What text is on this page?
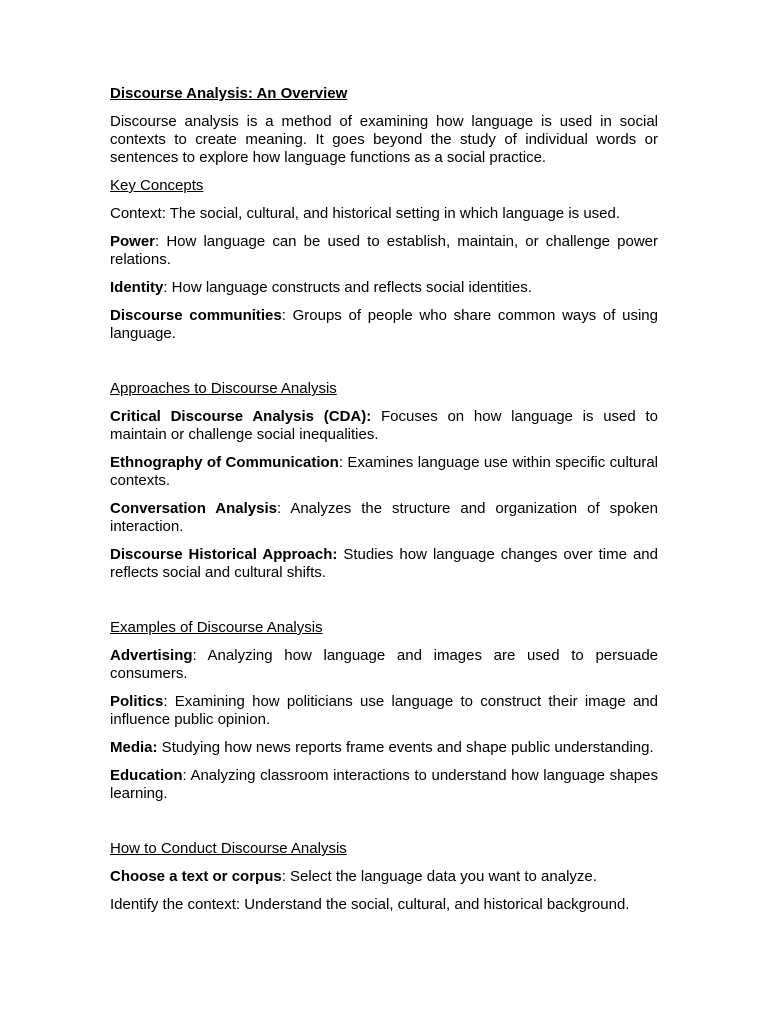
Discourse Analysis: An Overview
Discourse analysis is a method of examining how language is used in social contexts to create meaning. It goes beyond the study of individual words or sentences to explore how language functions as a social practice.
Key Concepts
Context: The social, cultural, and historical setting in which language is used.
Power: How language can be used to establish, maintain, or challenge power relations.
Identity: How language constructs and reflects social identities.
Discourse communities: Groups of people who share common ways of using language.
Approaches to Discourse Analysis
Critical Discourse Analysis (CDA): Focuses on how language is used to maintain or challenge social inequalities.
Ethnography of Communication: Examines language use within specific cultural contexts.
Conversation Analysis: Analyzes the structure and organization of spoken interaction.
Discourse Historical Approach: Studies how language changes over time and reflects social and cultural shifts.
Examples of Discourse Analysis
Advertising: Analyzing how language and images are used to persuade consumers.
Politics: Examining how politicians use language to construct their image and influence public opinion.
Media: Studying how news reports frame events and shape public understanding.
Education: Analyzing classroom interactions to understand how language shapes learning.
How to Conduct Discourse Analysis
Choose a text or corpus: Select the language data you want to analyze.
Identify the context: Understand the social, cultural, and historical background.
